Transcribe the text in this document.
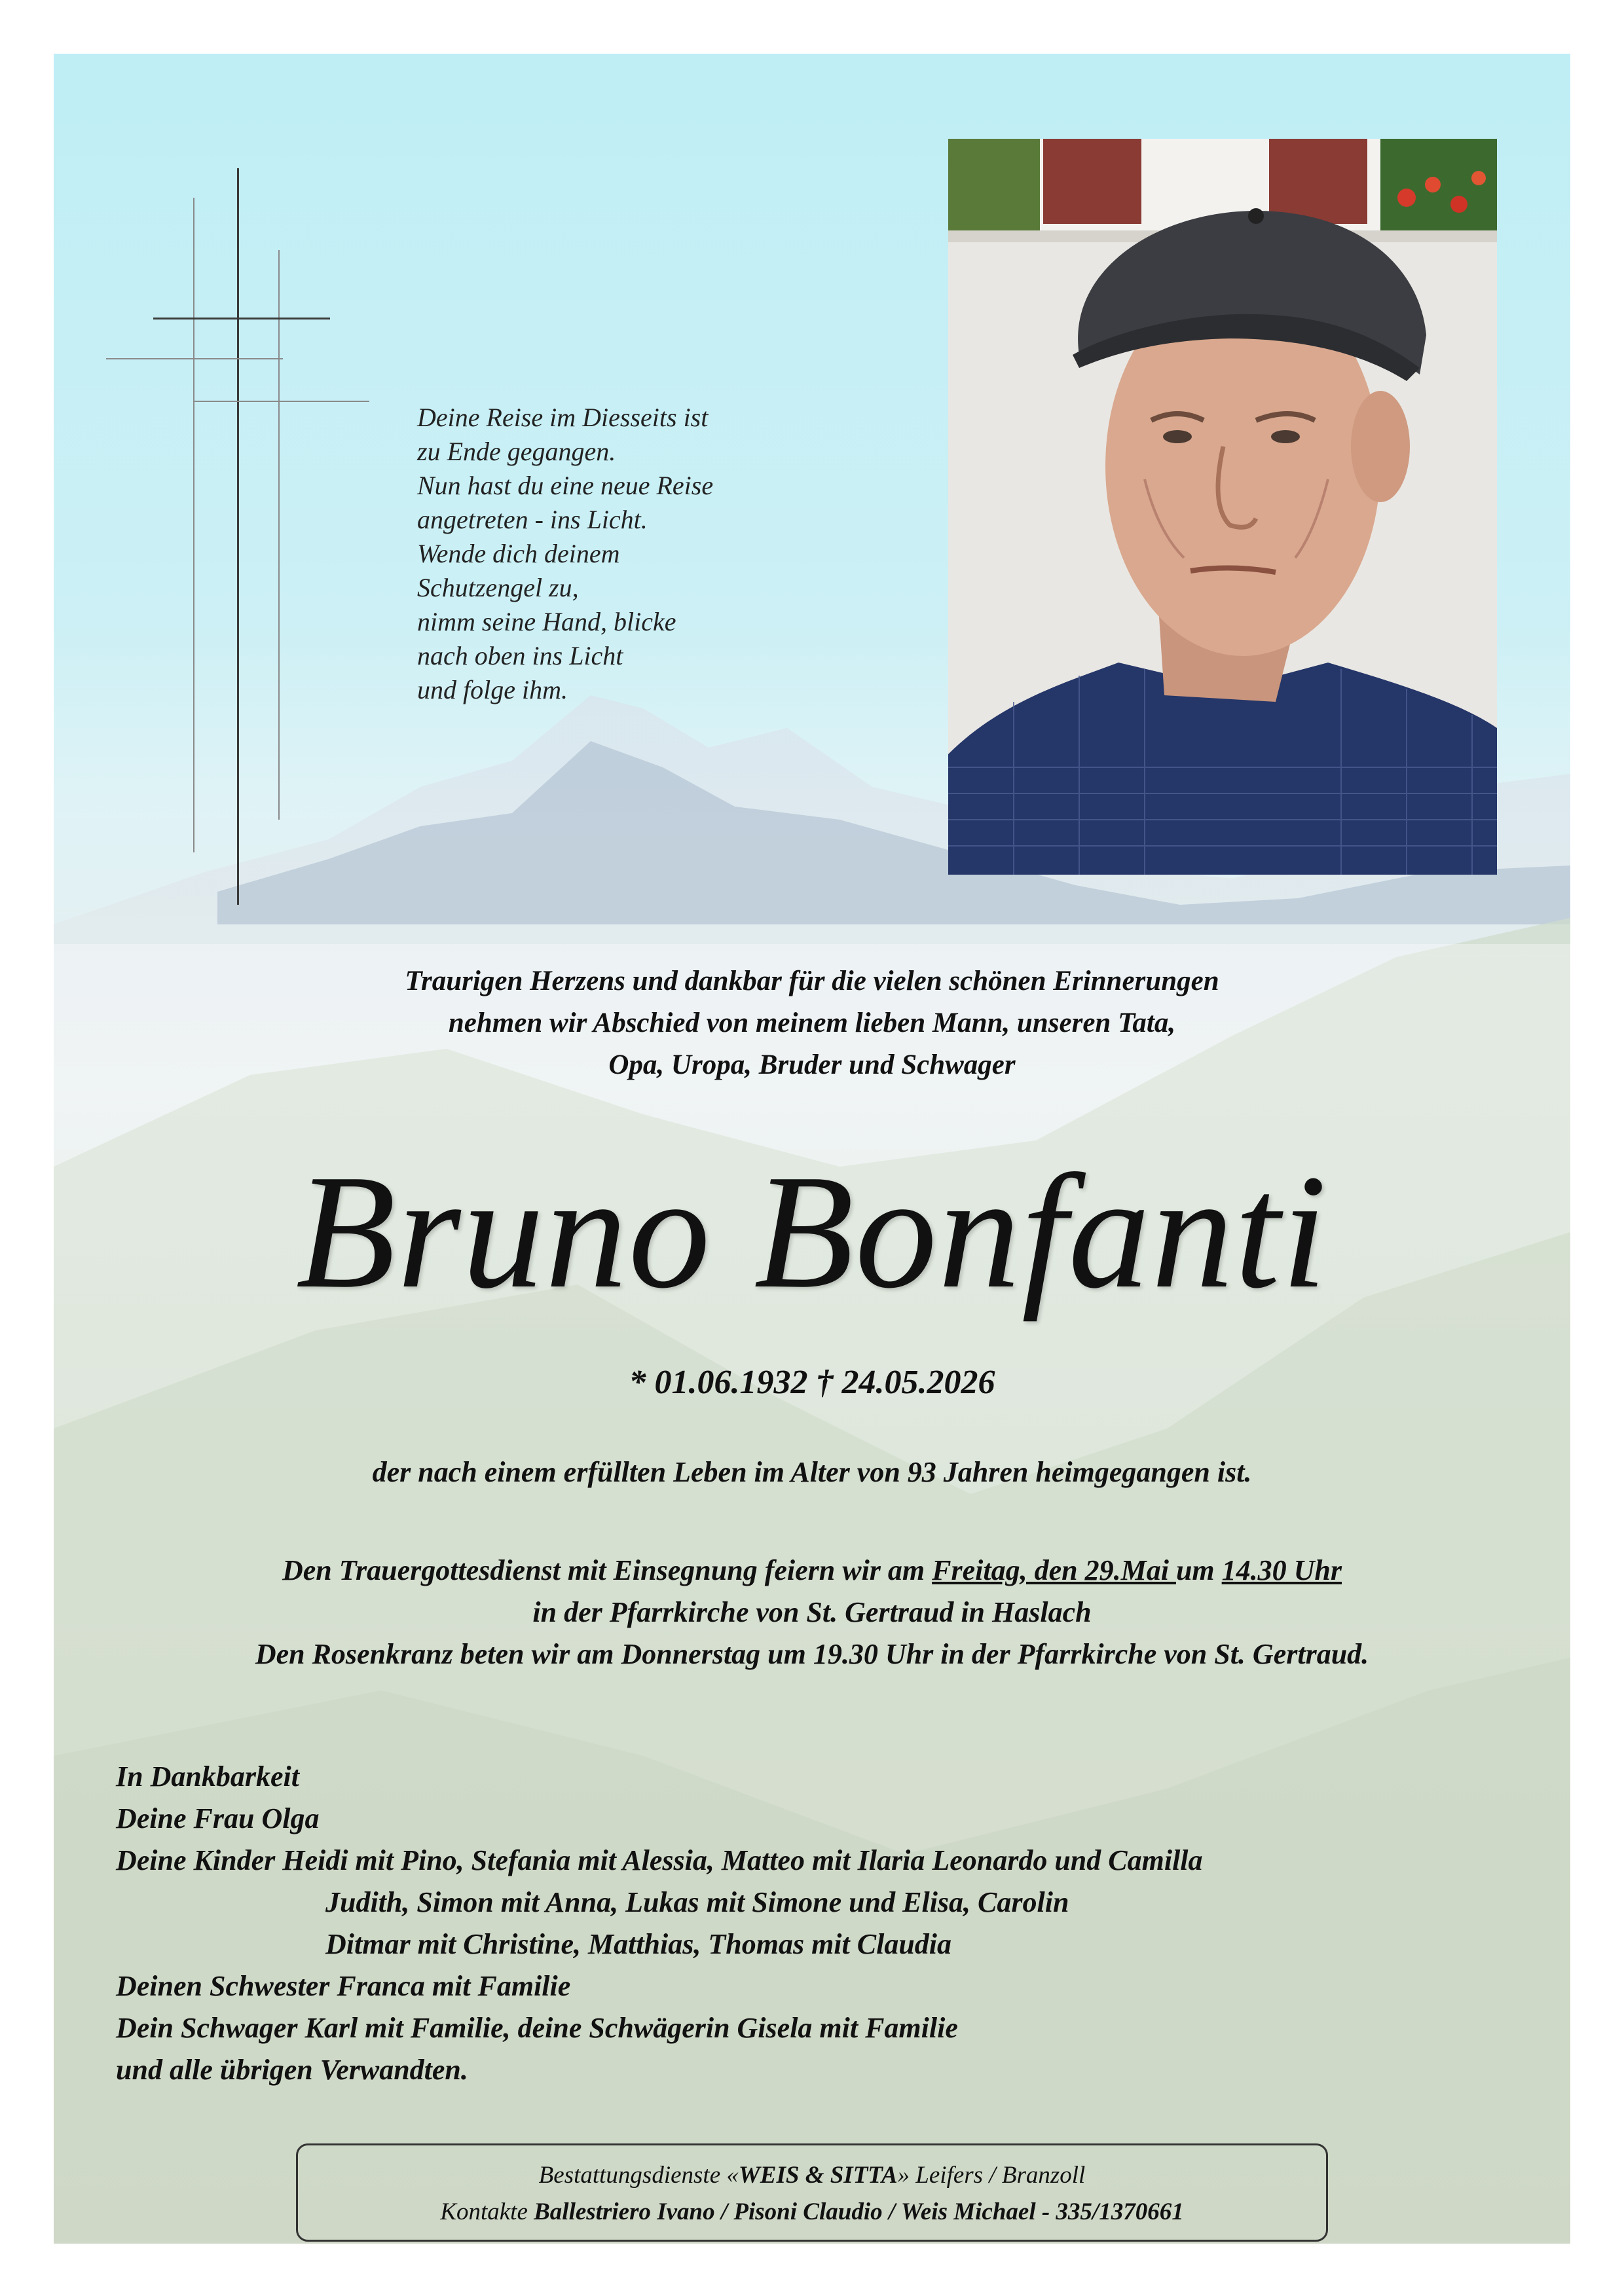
Deine Reise im Diesseits ist
zu Ende gegangen.
Nun hast du eine neue Reise
angetreten - ins Licht.
Wende dich deinem
Schutzengel zu,
nimm seine Hand, blicke
nach oben ins Licht
und folge ihm.
Traurigen Herzens und dankbar für die vielen schönen Erinnerungen
nehmen wir Abschied von meinem lieben Mann, unseren Tata,
Opa, Uropa, Bruder und Schwager
Bruno Bonfanti
* 01.06.1932 † 24.05.2026
der nach einem erfüllten Leben im Alter von 93 Jahren heimgegangen ist.
Den Trauergottesdienst mit Einsegnung feiern wir am Freitag, den 29.Mai um 14.30 Uhr
in der Pfarrkirche von St. Gertraud in Haslach
Den Rosenkranz beten wir am Donnerstag um 19.30 Uhr in der Pfarrkirche von St. Gertraud.
In Dankbarkeit
Deine Frau Olga
Deine Kinder Heidi mit Pino, Stefania mit Alessia, Matteo mit Ilaria Leonardo und Camilla
Judith, Simon mit Anna, Lukas mit Simone und Elisa, Carolin
Ditmar mit Christine, Matthias, Thomas mit Claudia
Deinen Schwester Franca mit Familie
Dein Schwager Karl mit Familie, deine Schwägerin Gisela mit Familie
und alle übrigen Verwandten.
Bestattungsdienste «WEIS & SITTA» Leifers / Branzoll
Kontakte Ballestriero Ivano / Pisoni Claudio / Weis Michael - 335/1370661
